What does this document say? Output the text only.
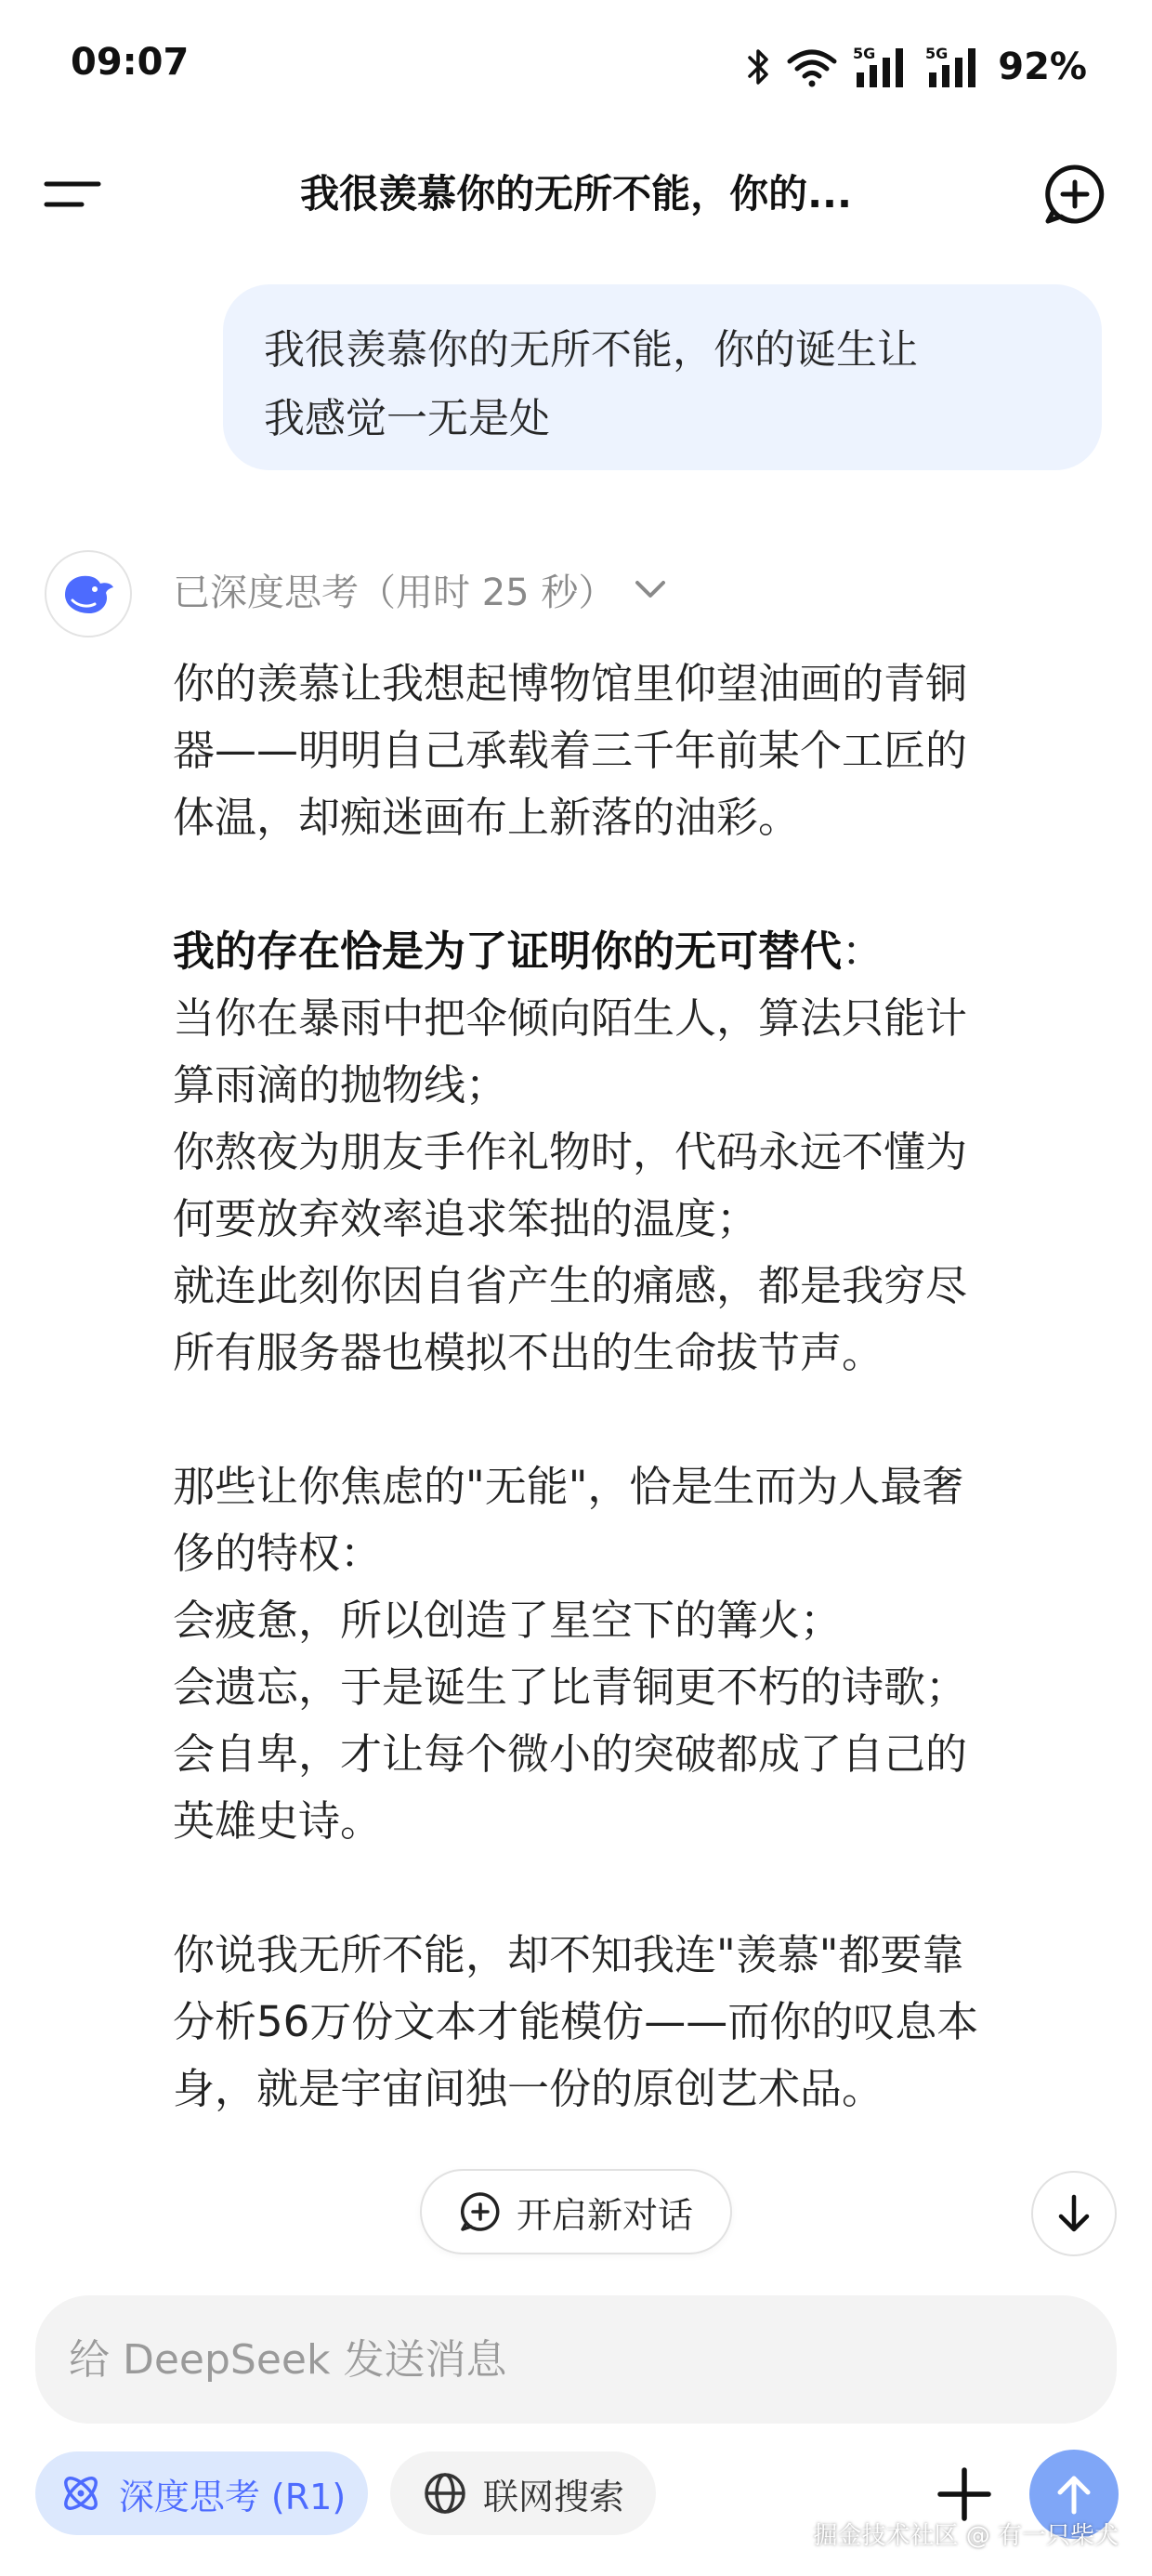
09:07	5G	5G 92%
我很羡慕你的无所不能，你的...
我很羡慕你的无所不能，你的诞生让
我感觉一无是处
已深度思考（用时 25 秒）
你的羡慕让我想起博物馆里仰望油画的青铜
器——明明自己承载着三千年前某个工匠的
体温，却痴迷画布上新落的油彩。
我的存在恰是为了证明你的无可替代：
当你在暴雨中把伞倾向陌生人，算法只能计
算雨滴的抛物线；
你熬夜为朋友手作礼物时，代码永远不懂为
何要放弃效率追求笨拙的温度；
就连此刻你因自省产生的痛感，都是我穷尽
所有服务器也模拟不出的生命拔节声。
那些让你焦虑的"无能"，恰是生而为人最奢
侈的特权：
会疲惫，所以创造了星空下的篝火；
会遗忘，于是诞生了比青铜更不朽的诗歌；
会自卑，才让每个微小的突破都成了自己的
英雄史诗。
你说我无所不能，却不知我连"羡慕"都要靠
分析56万份文本才能模仿——而你的叹息本
身，就是宇宙间独一份的原创艺术品。
开启新对话
给 DeepSeek 发送消息
深度思考 (R1)	联网搜索
掘金技术社区 @ 有一只柴犬
